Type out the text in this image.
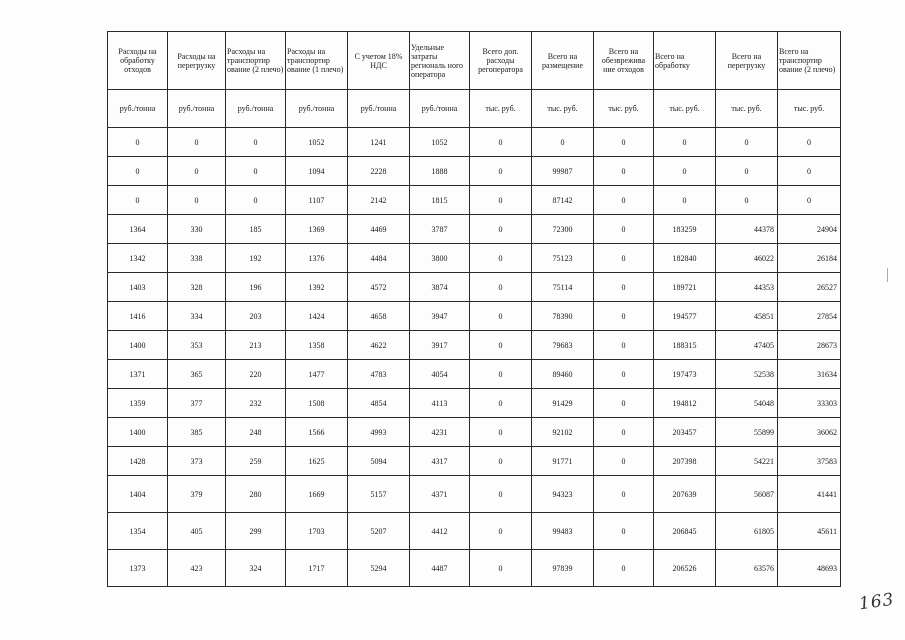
Расходы на обработку отходов	Расходы на перегрузку	Расходы на транспортир ование (2 плечо)	Расходы на транспортир ование (1 плечо)	С учетом 18% НДС	Удельные затраты региональ ного оператора	Всего доп. расходы регоператора	Всего на размещение	Всего на обезврежива ние отходов	Всего на обработку	Всего на перегрузку	Всего на транспортир ование (2 плечо)
руб./тонна	руб./тонна	руб./тонна	руб./тонна	руб./тонна	руб./тонна	тыс. руб.	тыс. руб.	тыс. руб.	тыс. руб.	тыс. руб.	тыс. руб.
0	0	0	1052	1241	1052	0	0	0	0	0	0
0	0	0	1094	2228	1888	0	99987	0	0	0	0
0	0	0	1107	2142	1815	0	87142	0	0	0	0
1364	330	185	1369	4469	3787	0	72300	0	183259	44378	24904
1342	338	192	1376	4484	3800	0	75123	0	182840	46022	26184
1403	328	196	1392	4572	3874	0	75114	0	189721	44353	26527
1416	334	203	1424	4658	3947	0	78390	0	194577	45851	27854
1400	353	213	1358	4622	3917	0	79683	0	188315	47405	28673
1371	365	220	1477	4783	4054	0	89460	0	197473	52538	31634
1359	377	232	1508	4854	4113	0	91429	0	194812	54048	33303
1400	385	248	1566	4993	4231	0	92102	0	203457	55899	36062
1428	373	259	1625	5094	4317	0	91771	0	207398	54221	37583
1404	379	280	1669	5157	4371	0	94323	0	207639	56087	41441
1354	405	299	1703	5207	4412	0	99483	0	206845	61805	45611
1373	423	324	1717	5294	4487	0	97839	0	206526	63576	48693
163
